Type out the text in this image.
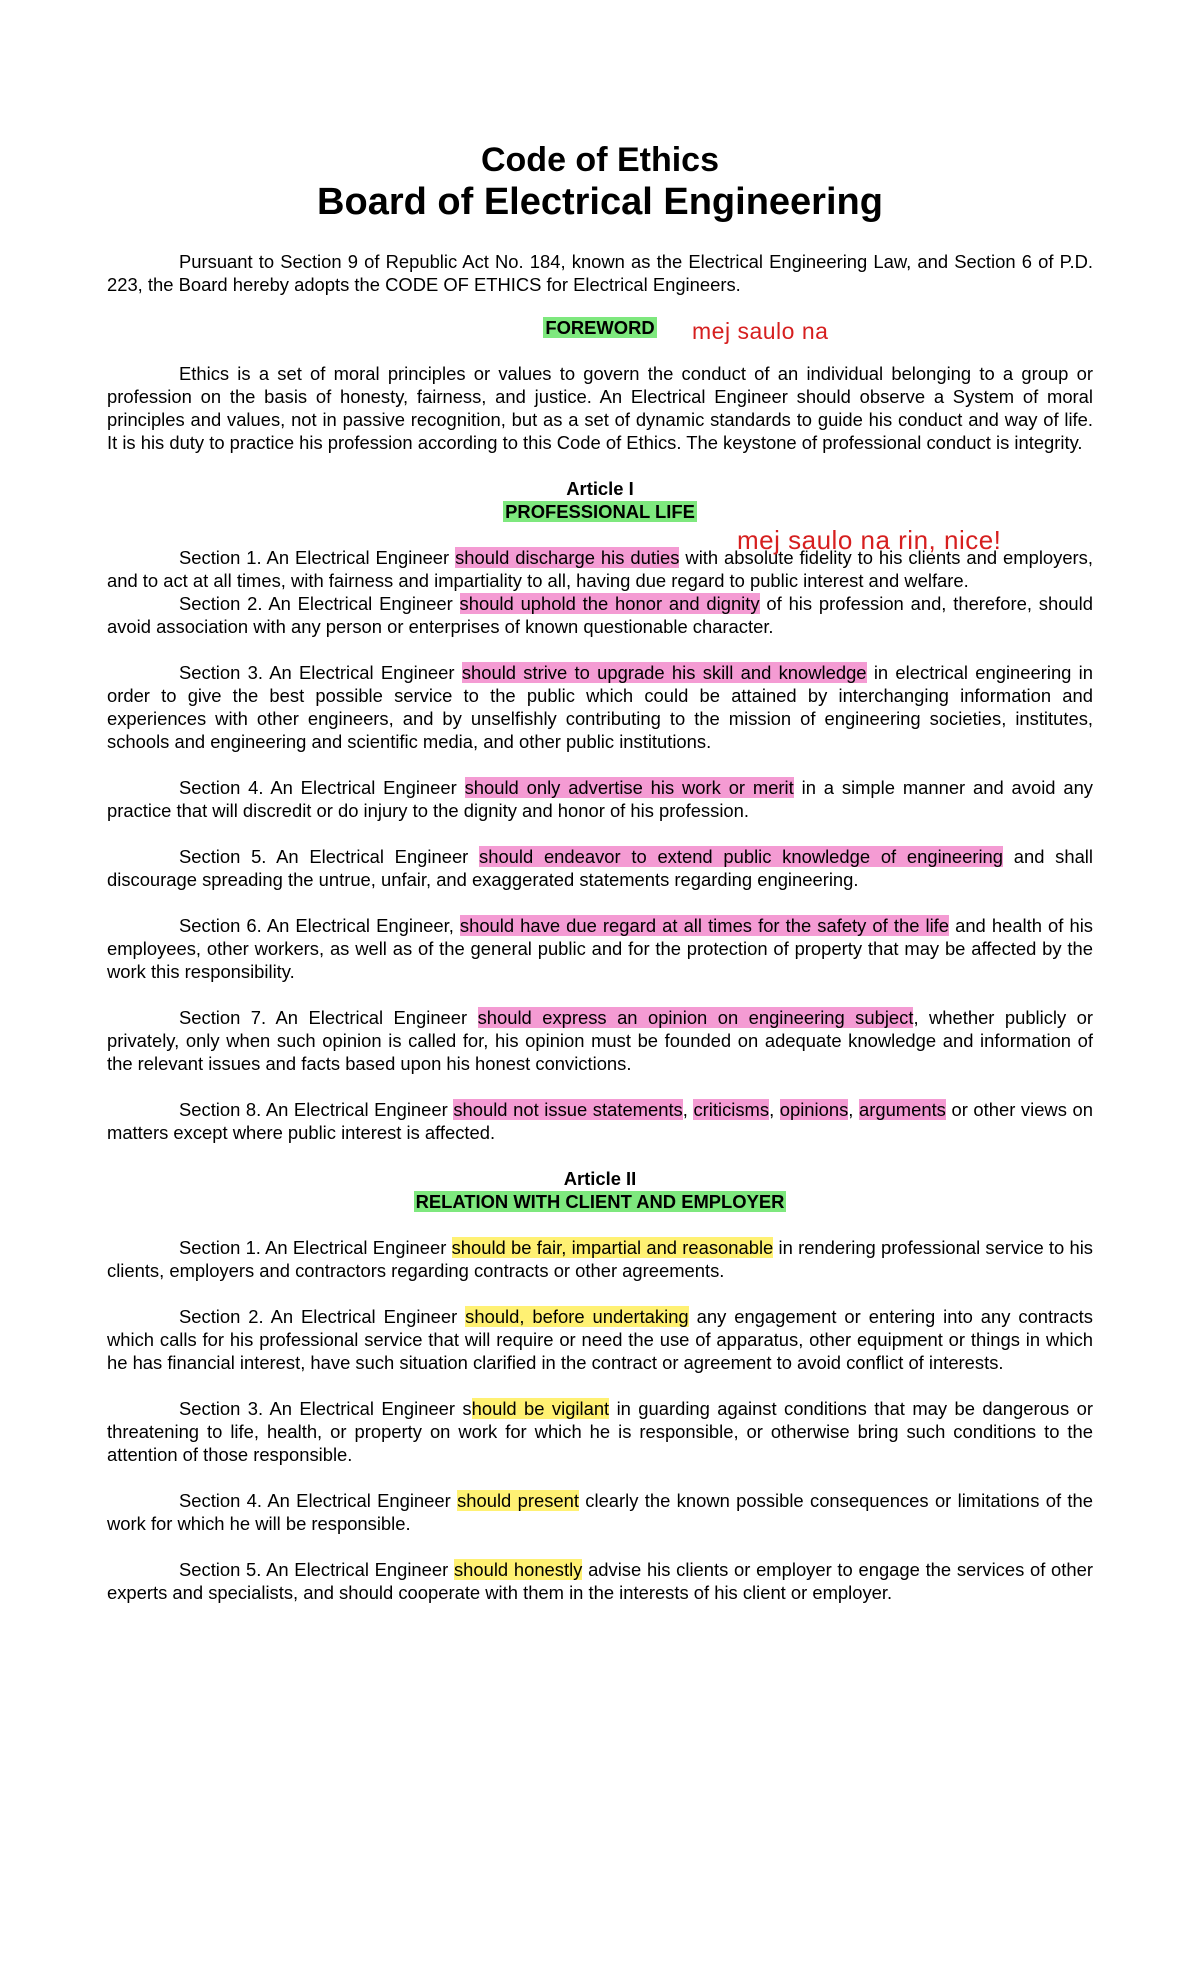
Code of Ethics
Board of Electrical Engineering

Pursuant to Section 9 of Republic Act No. 184, known as the Electrical Engineering Law, and Section 6 of P.D. 223, the Board hereby adopts the CODE OF ETHICS for Electrical Engineers.

FOREWORD

Ethics is a set of moral principles or values to govern the conduct of an individual belonging to a group or profession on the basis of honesty, fairness, and justice. An Electrical Engineer should observe a System of moral principles and values, not in passive recognition, but as a set of dynamic standards to guide his conduct and way of life. It is his duty to practice his profession according to this Code of Ethics. The keystone of professional conduct is integrity.

Article I
PROFESSIONAL LIFE

Section 1. An Electrical Engineer should discharge his duties with absolute fidelity to his clients and employers, and to act at all times, with fairness and impartiality to all, having due regard to public interest and welfare.

Section 2. An Electrical Engineer should uphold the honor and dignity of his profession and, therefore, should avoid association with any person or enterprises of known questionable character.

Section 3. An Electrical Engineer should strive to upgrade his skill and knowledge in electrical engineering in order to give the best possible service to the public which could be attained by interchanging information and experiences with other engineers, and by unselfishly contributing to the mission of engineering societies, institutes, schools and engineering and scientific media, and other public institutions.

Section 4. An Electrical Engineer should only advertise his work or merit in a simple manner and avoid any practice that will discredit or do injury to the dignity and honor of his profession.

Section 5. An Electrical Engineer should endeavor to extend public knowledge of engineering and shall discourage spreading the untrue, unfair, and exaggerated statements regarding engineering.

Section 6. An Electrical Engineer, should have due regard at all times for the safety of the life and health of his employees, other workers, as well as of the general public and for the protection of property that may be affected by the work this responsibility.

Section 7. An Electrical Engineer should express an opinion on engineering subject, whether publicly or privately, only when such opinion is called for, his opinion must be founded on adequate knowledge and information of the relevant issues and facts based upon his honest convictions.

Section 8. An Electrical Engineer should not issue statements, criticisms, opinions, arguments or other views on matters except where public interest is affected.

Article II
RELATION WITH CLIENT AND EMPLOYER

Section 1. An Electrical Engineer should be fair, impartial and reasonable in rendering professional service to his clients, employers and contractors regarding contracts or other agreements.

Section 2. An Electrical Engineer should, before undertaking any engagement or entering into any contracts which calls for his professional service that will require or need the use of apparatus, other equipment or things in which he has financial interest, have such situation clarified in the contract or agreement to avoid conflict of interests.

Section 3. An Electrical Engineer should be vigilant in guarding against conditions that may be dangerous or threatening to life, health, or property on work for which he is responsible, or otherwise bring such conditions to the attention of those responsible.

Section 4. An Electrical Engineer should present clearly the known possible consequences or limitations of the work for which he will be responsible.

Section 5. An Electrical Engineer should honestly advise his clients or employer to engage the services of other experts and specialists, and should cooperate with them in the interests of his client or employer.

mej saulo na
mej saulo na rin, nice!
